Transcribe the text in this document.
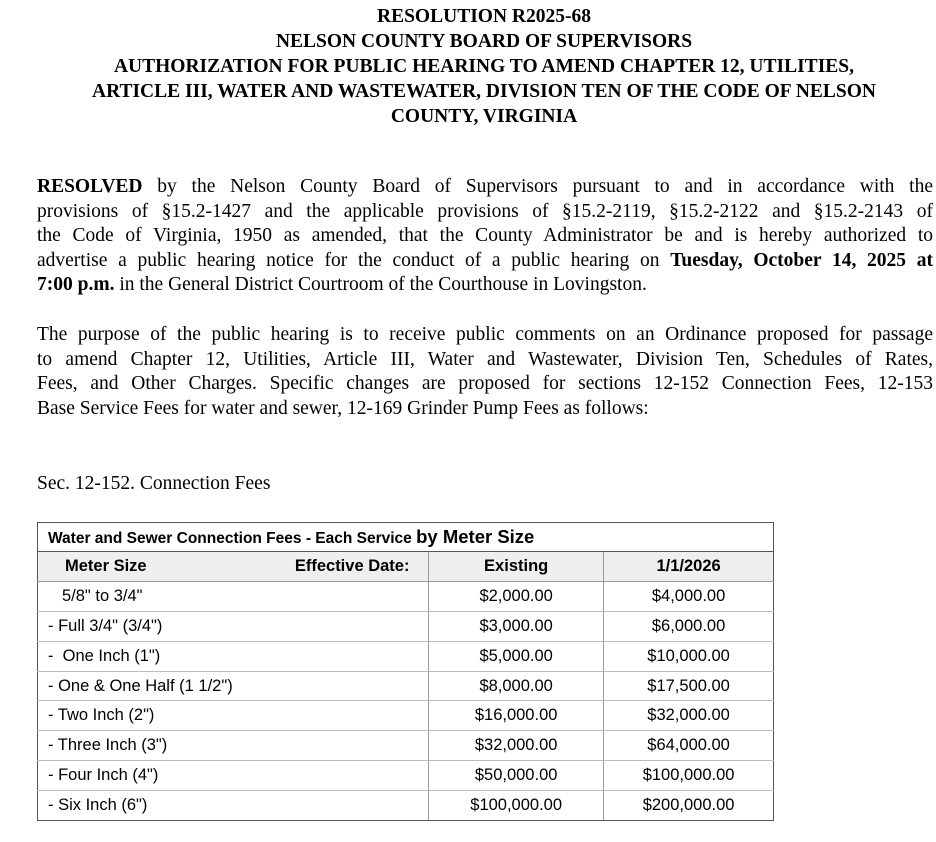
RESOLUTION R2025-68
NELSON COUNTY BOARD OF SUPERVISORS
AUTHORIZATION FOR PUBLIC HEARING TO AMEND CHAPTER 12, UTILITIES,
ARTICLE III, WATER AND WASTEWATER, DIVISION TEN OF THE CODE OF NELSON
COUNTY, VIRGINIA
RESOLVED by the Nelson County Board of Supervisors pursuant to and in accordance with the
provisions of §15.2-1427 and the applicable provisions of §15.2-2119, §15.2-2122 and §15.2-2143 of
the Code of Virginia, 1950 as amended, that the County Administrator be and is hereby authorized to
advertise a public hearing notice for the conduct of a public hearing on Tuesday, October 14, 2025 at
7:00 p.m. in the General District Courtroom of the Courthouse in Lovingston.
The purpose of the public hearing is to receive public comments on an Ordinance proposed for passage
to amend Chapter 12, Utilities, Article III, Water and Wastewater, Division Ten, Schedules of Rates,
Fees, and Other Charges. Specific changes are proposed for sections 12-152 Connection Fees, 12-153
Base Service Fees for water and sewer, 12-169 Grinder Pump Fees as follows:
Sec. 12-152. Connection Fees
Water and Sewer Connection Fees - Each Service by Meter Size			
Meter Size	Effective Date:	Existing	1/1/2026
5/8" to 3/4"		$2,000.00	$4,000.00
- Full 3/4" (3/4")		$3,000.00	$6,000.00
-  One Inch (1")		$5,000.00	$10,000.00
- One & One Half (1 1/2")		$8,000.00	$17,500.00
- Two Inch (2")		$16,000.00	$32,000.00
- Three Inch (3")		$32,000.00	$64,000.00
- Four Inch (4")		$50,000.00	$100,000.00
- Six Inch (6")		$100,000.00	$200,000.00
